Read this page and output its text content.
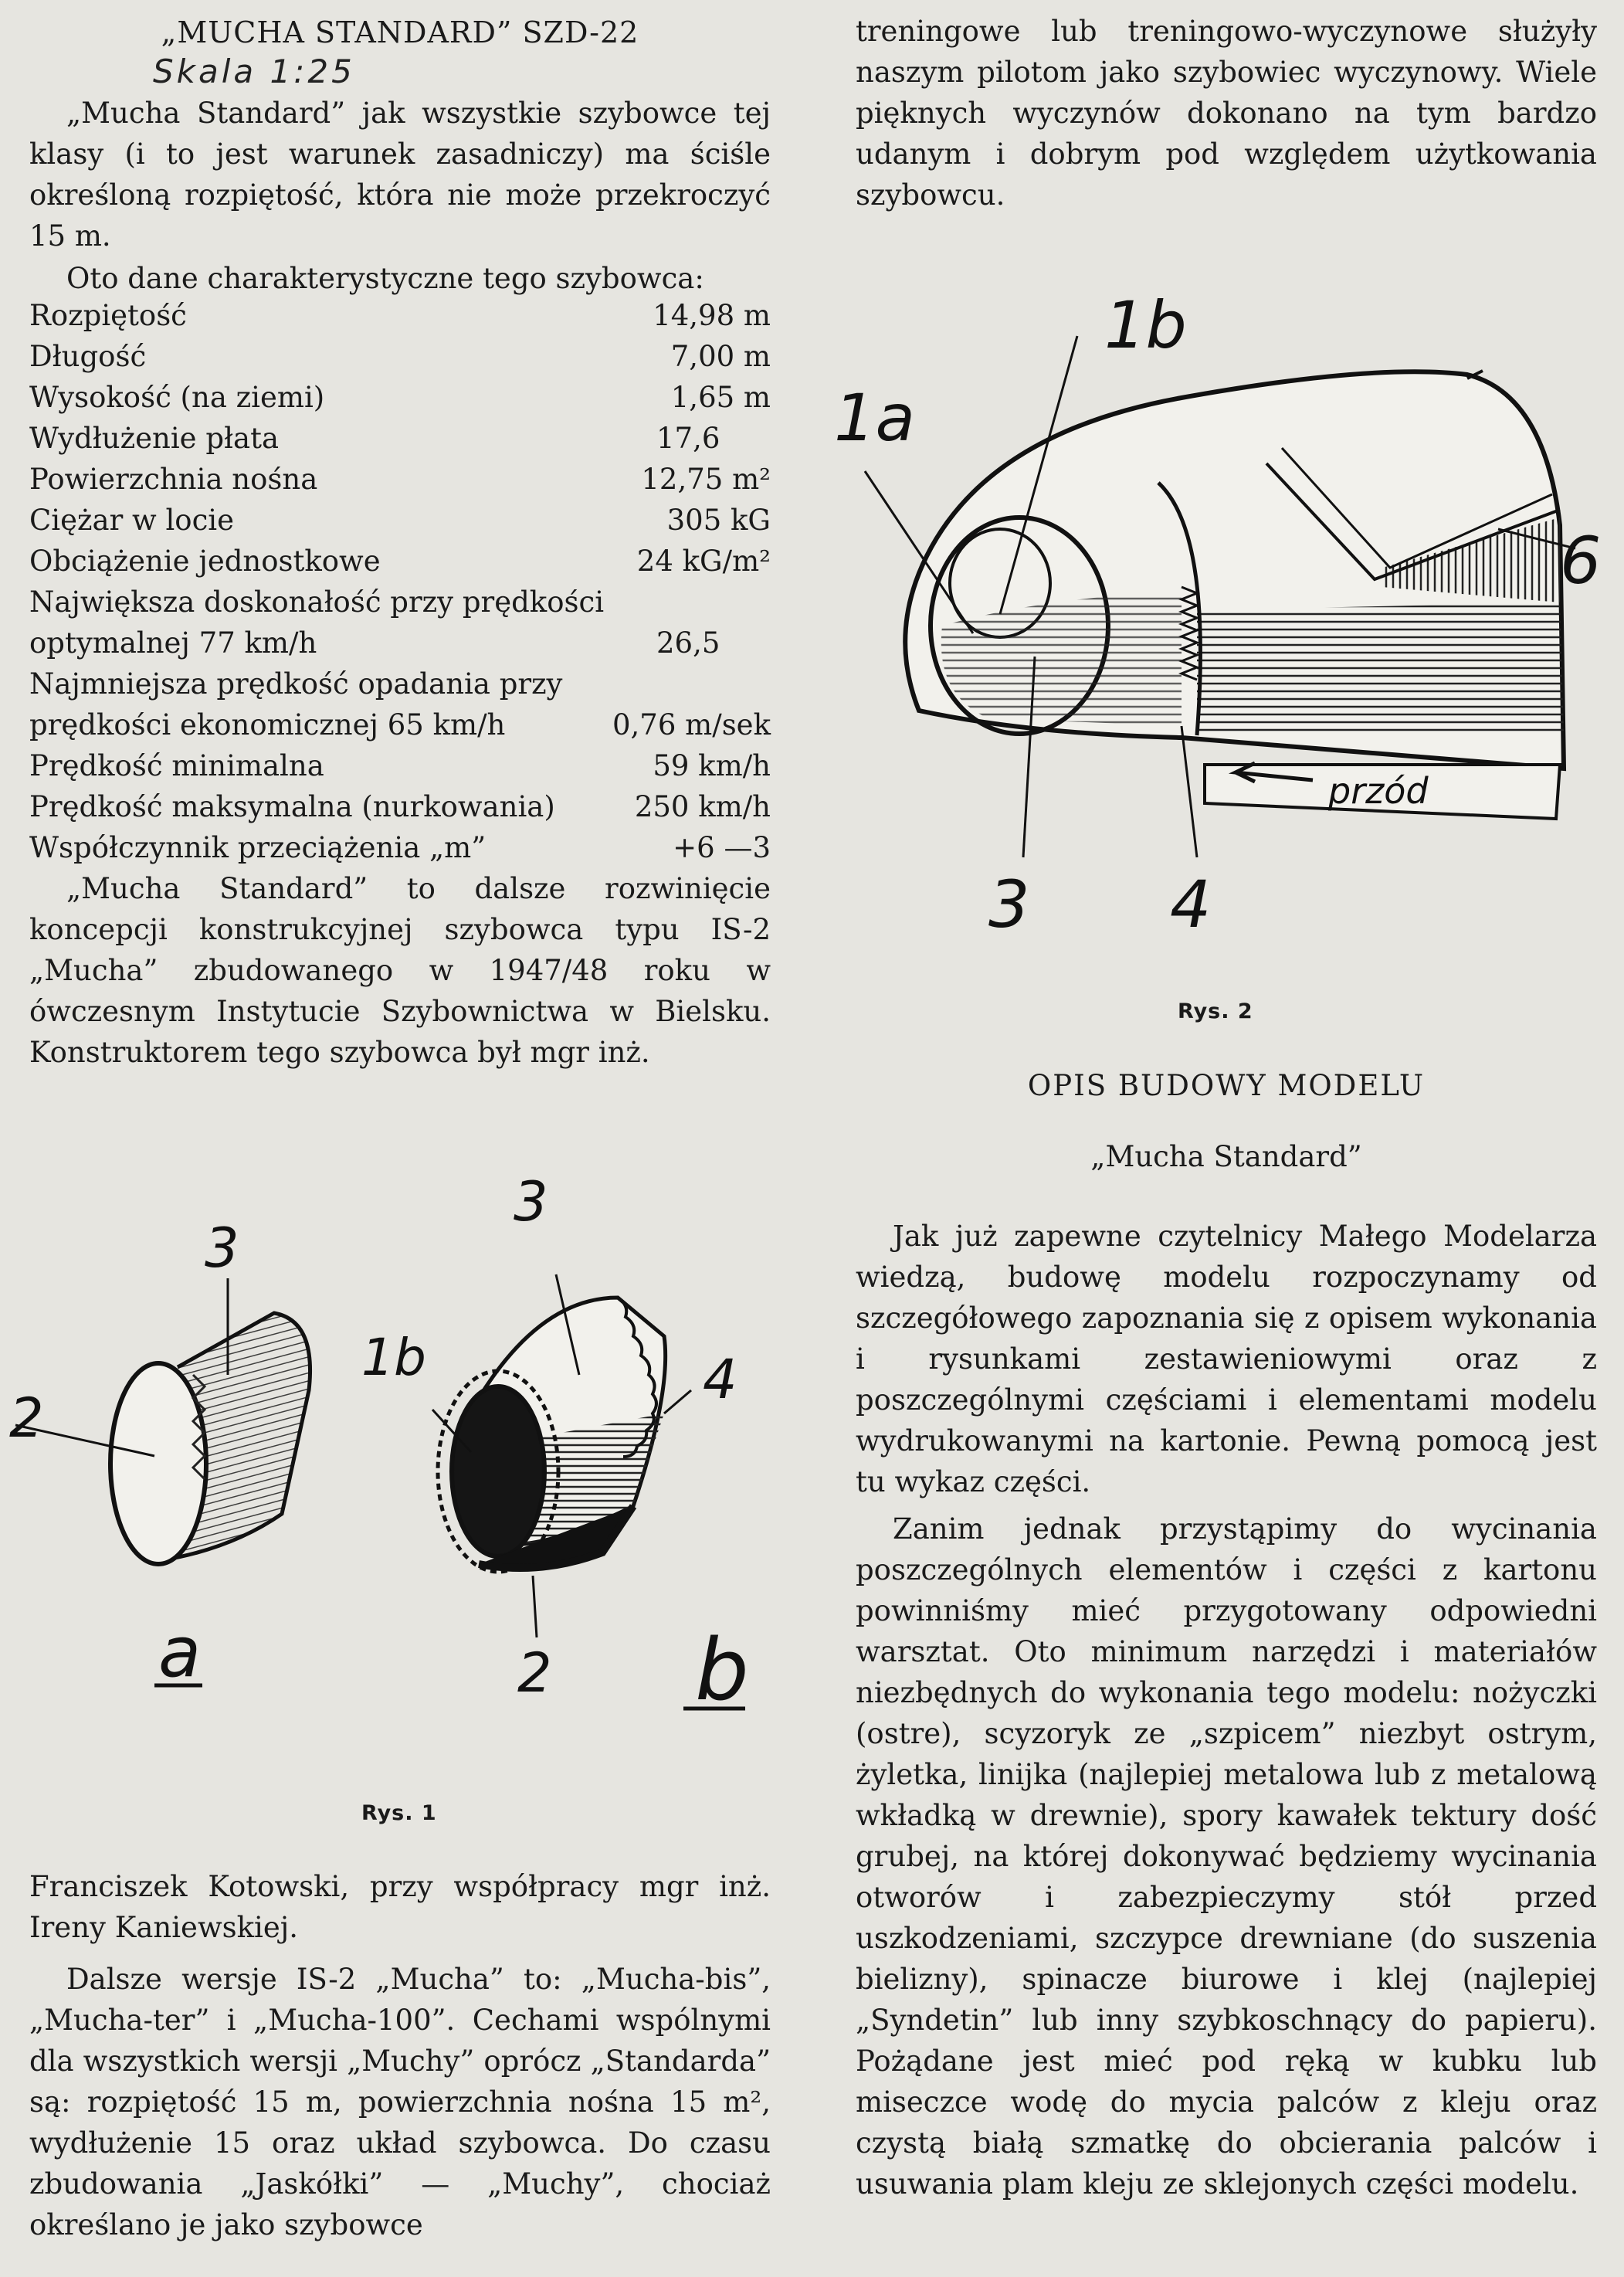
„MUCHA STANDARD” SZD-22
Skala 1:25

„Mucha Standard” jak wszystkie szybowce tej klasy (i to jest warunek zasadniczy) ma ściśle określoną rozpiętość, która nie może przekroczyć 15 m.

Oto dane charakterystyczne tego szybowca:

Rozpiętość	14,98 m
Długość	7,00 m
Wysokość (na ziemi)	1,65 m
Wydłużenie płata	17,6
Powierzchnia nośna	12,75 m²
Ciężar w locie	305 kG
Obciążenie jednostkowe	24 kG/m²
Największa doskonałość przy prędkości
optymalnej 77 km/h	26,5
Najmniejsza prędkość opadania przy
prędkości ekonomicznej 65 km/h	0,76 m/sek
Prędkość minimalna	59 km/h
Prędkość maksymalna (nurkowania)	250 km/h
Współczynnik przeciążenia „m”	+6 —3

„Mucha Standard” to dalsze rozwinięcie koncepcji konstrukcyjnej szybowca typu IS-2 „Mucha” zbudowanego w 1947/48 roku w ówczesnym Instytucie Szybownictwa w Bielsku. Konstruktorem tego szybowca był mgr inż.

3
2
a
3
1b	4
2 b
Rys. 1

Franciszek Kotowski, przy współpracy mgr inż. Ireny Kaniewskiej.

Dalsze wersje IS-2 „Mucha” to: „Mucha-bis”, „Mucha-ter” i „Mucha-100”. Cechami wspólnymi dla wszystkich wersji „Muchy” oprócz „Standarda” są: rozpiętość 15 m, powierzchnia nośna 15 m², wydłużenie 15 oraz układ szybowca. Do czasu zbudowania „Jaskółki” — „Muchy”, chociaż określano je jako szybowce

treningowe lub treningowo-wyczynowe służyły naszym pilotom jako szybowiec wyczynowy. Wiele pięknych wyczynów dokonano na tym bardzo udanym i dobrym pod względem użytkowania szybowcu.

1b
1a
6
przód
3 4
Rys. 2
OPIS BUDOWY MODELU
„Mucha Standard”

Jak już zapewne czytelnicy Małego Modelarza wiedzą, budowę modelu rozpoczynamy od szczegółowego zapoznania się z opisem wykonania i rysunkami zestawieniowymi oraz z poszczególnymi częściami i elementami modelu wydrukowanymi na kartonie. Pewną pomocą jest tu wykaz części.

Zanim jednak przystąpimy do wycinania poszczególnych elementów i części z kartonu powinniśmy mieć przygotowany odpowiedni warsztat. Oto minimum narzędzi i materiałów niezbędnych do wykonania tego modelu: nożyczki (ostre), scyzoryk ze „szpicem” niezbyt ostrym, żyletka, linijka (najlepiej metalowa lub z metalową wkładką w drewnie), spory kawałek tektury dość grubej, na której dokonywać będziemy wycinania otworów i zabezpieczymy stół przed uszkodzeniami, szczypce drewniane (do suszenia bielizny), spinacze biurowe i klej (najlepiej „Syndetin” lub inny szybkoschnący do papieru). Pożądane jest mieć pod ręką w kubku lub miseczce wodę do mycia palców z kleju oraz czystą białą szmatkę do obcierania palców i usuwania plam kleju ze sklejonych części modelu.
